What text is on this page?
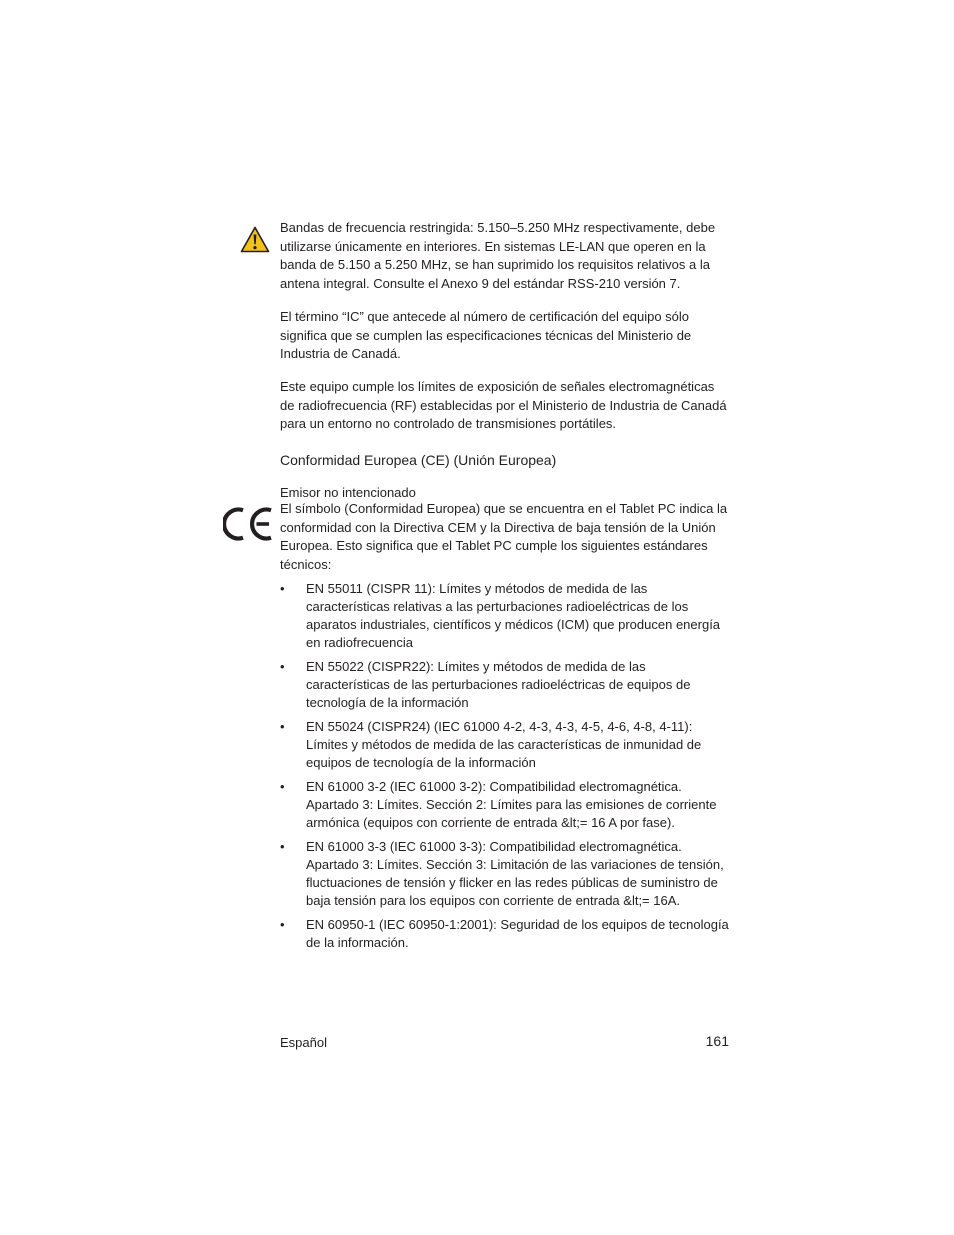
Bandas de frecuencia restringida: 5.150–5.250 MHz respectivamente, debe utilizarse únicamente en interiores. En sistemas LE-LAN que operen en la banda de 5.150 a 5.250 MHz, se han suprimido los requisitos relativos a la antena integral. Consulte el Anexo 9 del estándar RSS-210 versión 7.

El término “IC” que antecede al número de certificación del equipo sólo significa que se cumplen las especificaciones técnicas del Ministerio de Industria de Canadá.

Este equipo cumple los límites de exposición de señales electromagnéticas de radiofrecuencia (RF) establecidas por el Ministerio de Industria de Canadá para un entorno no controlado de transmisiones portátiles.

Conformidad Europea (CE) (Unión Europea)
Emisor no intencionado

El símbolo (Conformidad Europea) que se encuentra en el Tablet PC indica la conformidad con la Directiva CEM y la Directiva de baja tensión de la Unión Europea. Esto significa que el Tablet PC cumple los siguientes estándares técnicos:

• EN 55011 (CISPR 11): Límites y métodos de medida de las características relativas a las perturbaciones radioeléctricas de los aparatos industriales, científicos y médicos (ICM) que producen energía en radiofrecuencia
• EN 55022 (CISPR22): Límites y métodos de medida de las características de las perturbaciones radioeléctricas de equipos de tecnología de la información
• EN 55024 (CISPR24) (IEC 61000 4-2, 4-3, 4-3, 4-5, 4-6, 4-8, 4-11): Límites y métodos de medida de las características de inmunidad de equipos de tecnología de la información
• EN 61000 3-2 (IEC 61000 3-2): Compatibilidad electromagnética. Apartado 3: Límites. Sección 2: Límites para las emisiones de corriente armónica (equipos con corriente de entrada &lt;= 16 A por fase).
• EN 61000 3-3 (IEC 61000 3-3): Compatibilidad electromagnética. Apartado 3: Límites. Sección 3: Limitación de las variaciones de tensión, fluctuaciones de tensión y flicker en las redes públicas de suministro de baja tensión para los equipos con corriente de entrada &lt;= 16A.
• EN 60950-1 (IEC 60950-1:2001): Seguridad de los equipos de tecnología de la información.
Español	161
